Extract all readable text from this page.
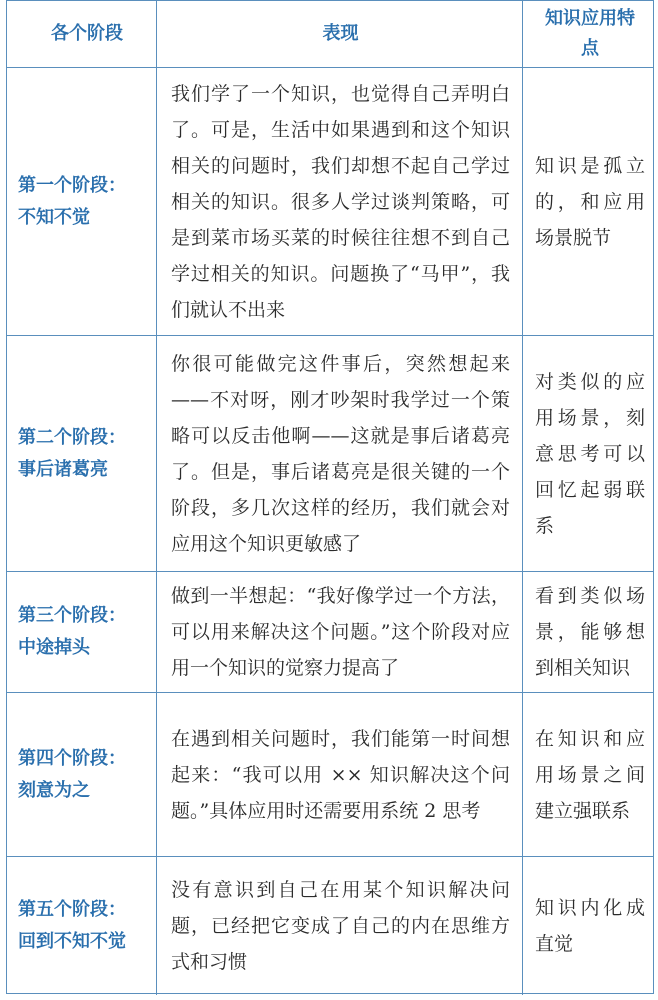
各个阶段	表现
知识应用特点
第一个阶段：
不知不觉
我们学了一个知识，也觉得自己弄明白了。可是，生活中如果遇到和这个知识相关的问题时，我们却想不起自己学过相关的知识。很多人学过谈判策略，可是到菜市场买菜的时候往往想不到自己学过相关的知识。问题换了“马甲”，我们就认不出来
知识是孤立的，和应用场景脱节
第二个阶段：
事后诸葛亮
你很可能做完这件事后，突然想起来——不对呀，刚才吵架时我学过一个策略可以反击他啊——这就是事后诸葛亮了。但是，事后诸葛亮是很关键的一个阶段，多几次这样的经历，我们就会对应用这个知识更敏感了
对类似的应用场景，刻意思考可以回忆起弱联系
第三个阶段：
中途掉头
做到一半想起：“我好像学过一个方法，可以用来解决这个问题。”这个阶段对应用一个知识的觉察力提高了
看到类似场景，能够想到相关知识
第四个阶段：
刻意为之
在遇到相关问题时，我们能第一时间想起来：“我可以用 ×× 知识解决这个问题。”具体应用时还需要用系统 2 思考
在知识和应用场景之间建立强联系
第五个阶段：
回到不知不觉
没有意识到自己在用某个知识解决问题，已经把它变成了自己的内在思维方式和习惯
知识内化成直觉
